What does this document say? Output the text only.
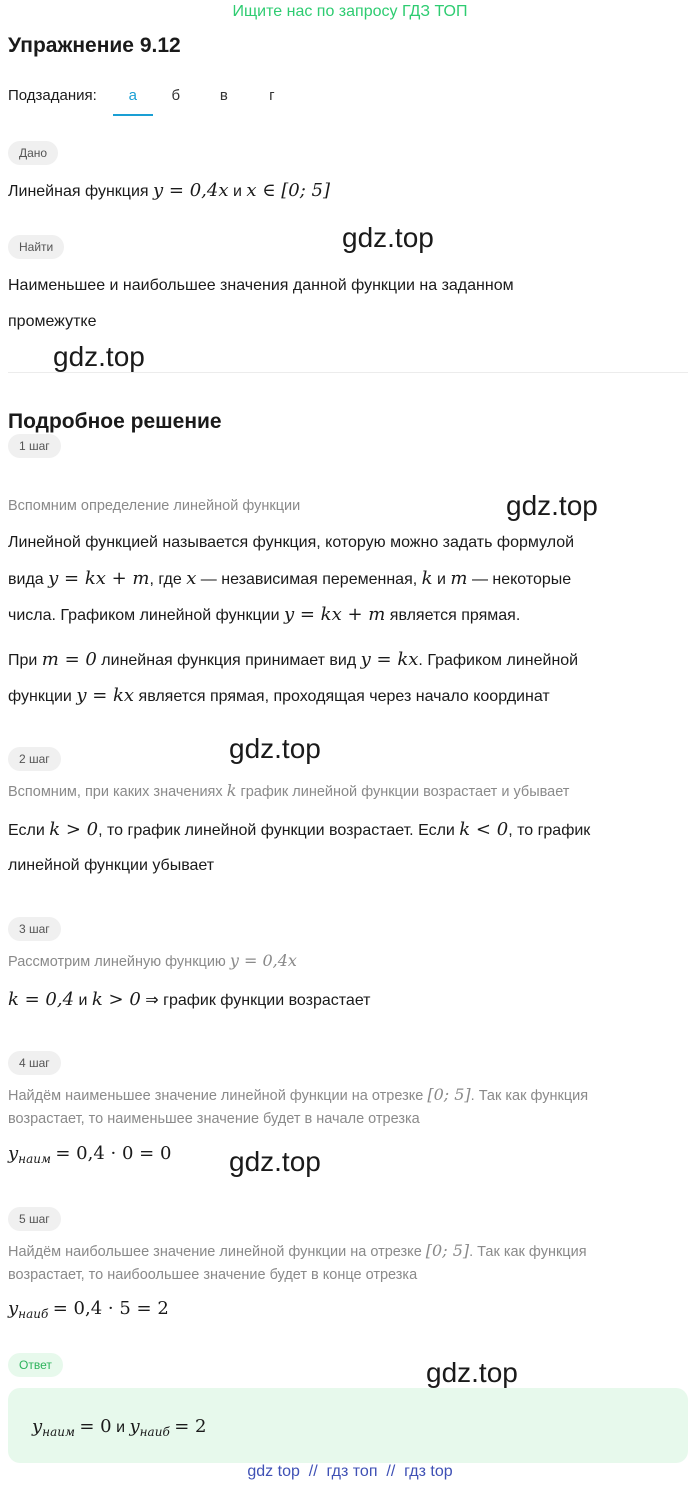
Ищите нас по запросу ГДЗ ТОП
Упражнение 9.12
Подзадания:	а	б	в	г
Дано
Линейная функция y = 0,4x и x ∈ [0; 5]
Найти	gdz.top
Наименьшее и наибольшее значения данной функции на заданном
промежутке
gdz.top
Подробное решение
1 шаг
Вспомним определение линейной функции	gdz.top
Линейной функцией называется функция, которую можно задать формулой
вида y = kx + m, где x — независимая переменная, k и m — некоторые
числа. Графиком линейной функции y = kx + m является прямая.
При m = 0 линейная функция принимает вид y = kx. Графиком линейной
функции y = kx является прямая, проходящая через начало координат
gdz.top
2 шаг
Вспомним, при каких значениях k график линейной функции возрастает и убывает
Если k > 0, то график линейной функции возрастает. Если k < 0, то график
линейной функции убывает
3 шаг
Рассмотрим линейную функцию y = 0,4x
k = 0,4 и k > 0 ⇒ график функции возрастает
4 шаг
Найдём наименьшее значение линейной функции на отрезке [0; 5]. Так как функция
возрастает, то наименьшее значение будет в начале отрезка
$y_{наим} = 0,4 \cdot 0 = 0$ gdz.top
5 шаг
Найдём наибольшее значение линейной функции на отрезке [0; 5]. Так как функция
возрастает, то наибоольшее значение будет в конце отрезка
$y_{наиб} = 0,4 \cdot 5 = 2$
Ответ	gdz.top
$y_{наим} = 0$ и $y_{наиб} = 2$
gdz top  //  гдз топ  //  гдз top
